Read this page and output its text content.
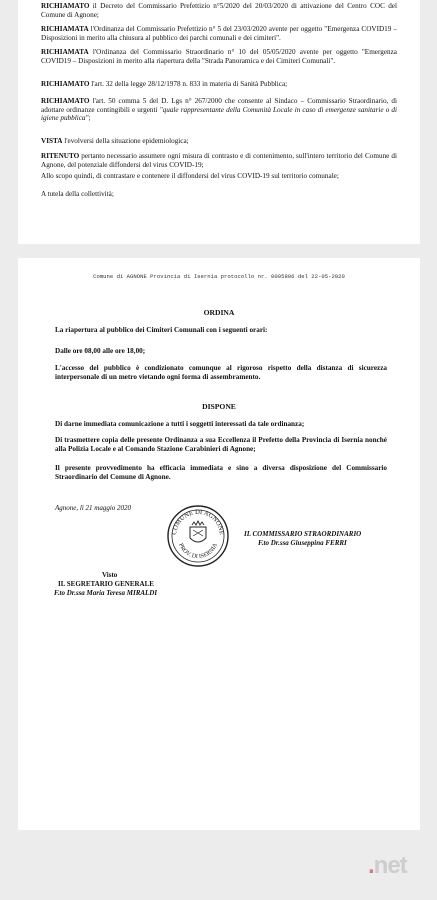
RICHIAMATO il Decreto del Commissario Prefettizio n°5/2020 del 20/03/2020 di attivazione del Centro COC del Comune di Agnone;

RICHIAMATA l'Ordinanza del Commissario Prefettizio n° 5 del 23/03/2020 avente per oggetto "Emergenza COVID19 –Disposizioni in merito alla chiusura al pubblico dei parchi comunali e dei cimiteri".

RICHIAMATA l'Ordinanza del Commissario Straordinario n° 10 del 05/05/2020 avente per oggetto "Emergenza COVID19 – Disposizioni in merito alla riapertura della "Strada Panoramica e dei Cimiteri Comunali".

RICHIAMATO l'art. 32 della legge 28/12/1978 n. 833 in materia di Sanità Pubblica;

RICHIAMATO l'art. 50 comma 5 del D. Lgs n° 267/2000 che consente al Sindaco – Commissario Straordinario, di adottare ordinanze contingibili e urgenti "quale rappresentante della Comunità Locale in caso di emergenze sanitarie o di igiene pubblica";

VISTA l'evolversi della situazione epidemiologica;

RITENUTO pertanto necessario assumere ogni misura di contrasto e di contenimento, sull'intero territorio del Comune di Agnone, del potenziale diffondersi del virus COVID-19;

Allo scopo quindi, di contrastare e contenere il diffondersi del virus COVID-19 sul territorio comunale;

A tutela della collettività;

Comune di AGNONE Provincia di Isernia protocollo nr. 0005806 del 22-05-2020

ORDINA

La riapertura al pubblico dei Cimiteri Comunali con i seguenti orari:

Dalle ore 08,00 alle ore 18,00;

L'accesso del pubblico è condizionato comunque al rigoroso rispetto della distanza di sicurezza interpersonale di un metro vietando ogni forma di assembramento.

DISPONE

Di darne immediata comunicazione a tutti i soggetti interessati da tale ordinanza;

Di trasmettere copia delle presente Ordinanza a sua Eccellenza il Prefetto della Provincia di Isernia nonché alla Polizia Locale e al Comando Stazione Carabinieri di Agnone;

Il presente provvedimento ha efficacia immediata e sino a diversa disposizione del Commissario Straordinario del Comune di Agnone.

Agnone, lì 21 maggio 2020

COMUNE DI AGNONE
PROV. DI ISERNIA

IL COMMISSARIO STRAORDINARIO

F.to Dr.ssa Giuseppina FERRI

Visto

IL SEGRETARIO GENERALE

F.to Dr.ssa Maria Teresa MIRALDI

.net
